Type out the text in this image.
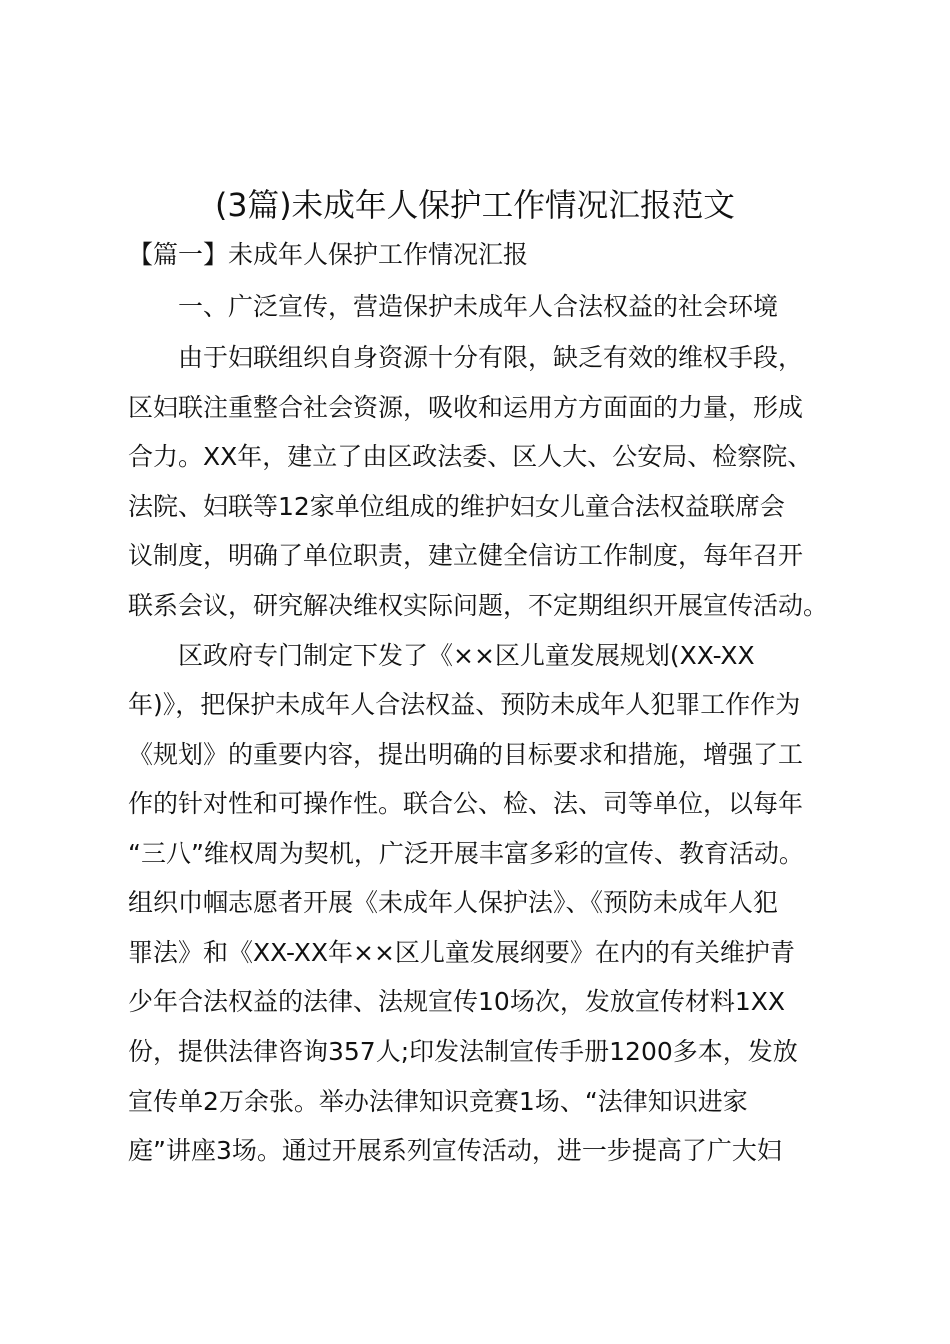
(3篇)未成年人保护工作情况汇报范文

【篇一】未成年人保护工作情况汇报

一、广泛宣传，营造保护未成年人合法权益的社会环境

由于妇联组织自身资源十分有限，缺乏有效的维权手段，

区妇联注重整合社会资源，吸收和运用方方面面的力量，形成

合力。XX年，建立了由区政法委、区人大、公安局、检察院、

法院、妇联等12家单位组成的维护妇女儿童合法权益联席会

议制度，明确了单位职责，建立健全信访工作制度，每年召开

联系会议，研究解决维权实际问题，不定期组织开展宣传活动。

区政府专门制定下发了《××区儿童发展规划(XX-XX

年)》，把保护未成年人合法权益、预防未成年人犯罪工作作为

《规划》的重要内容，提出明确的目标要求和措施，增强了工

作的针对性和可操作性。联合公、检、法、司等单位，以每年

“三八”维权周为契机，广泛开展丰富多彩的宣传、教育活动。

组织巾帼志愿者开展《未成年人保护法》、《预防未成年人犯

罪法》和《XX-XX年××区儿童发展纲要》在内的有关维护青

少年合法权益的法律、法规宣传10场次，发放宣传材料1XX

份，提供法律咨询357人;印发法制宣传手册1200多本，发放

宣传单2万余张。举办法律知识竞赛1场、“法律知识进家

庭”讲座3场。通过开展系列宣传活动，进一步提高了广大妇
